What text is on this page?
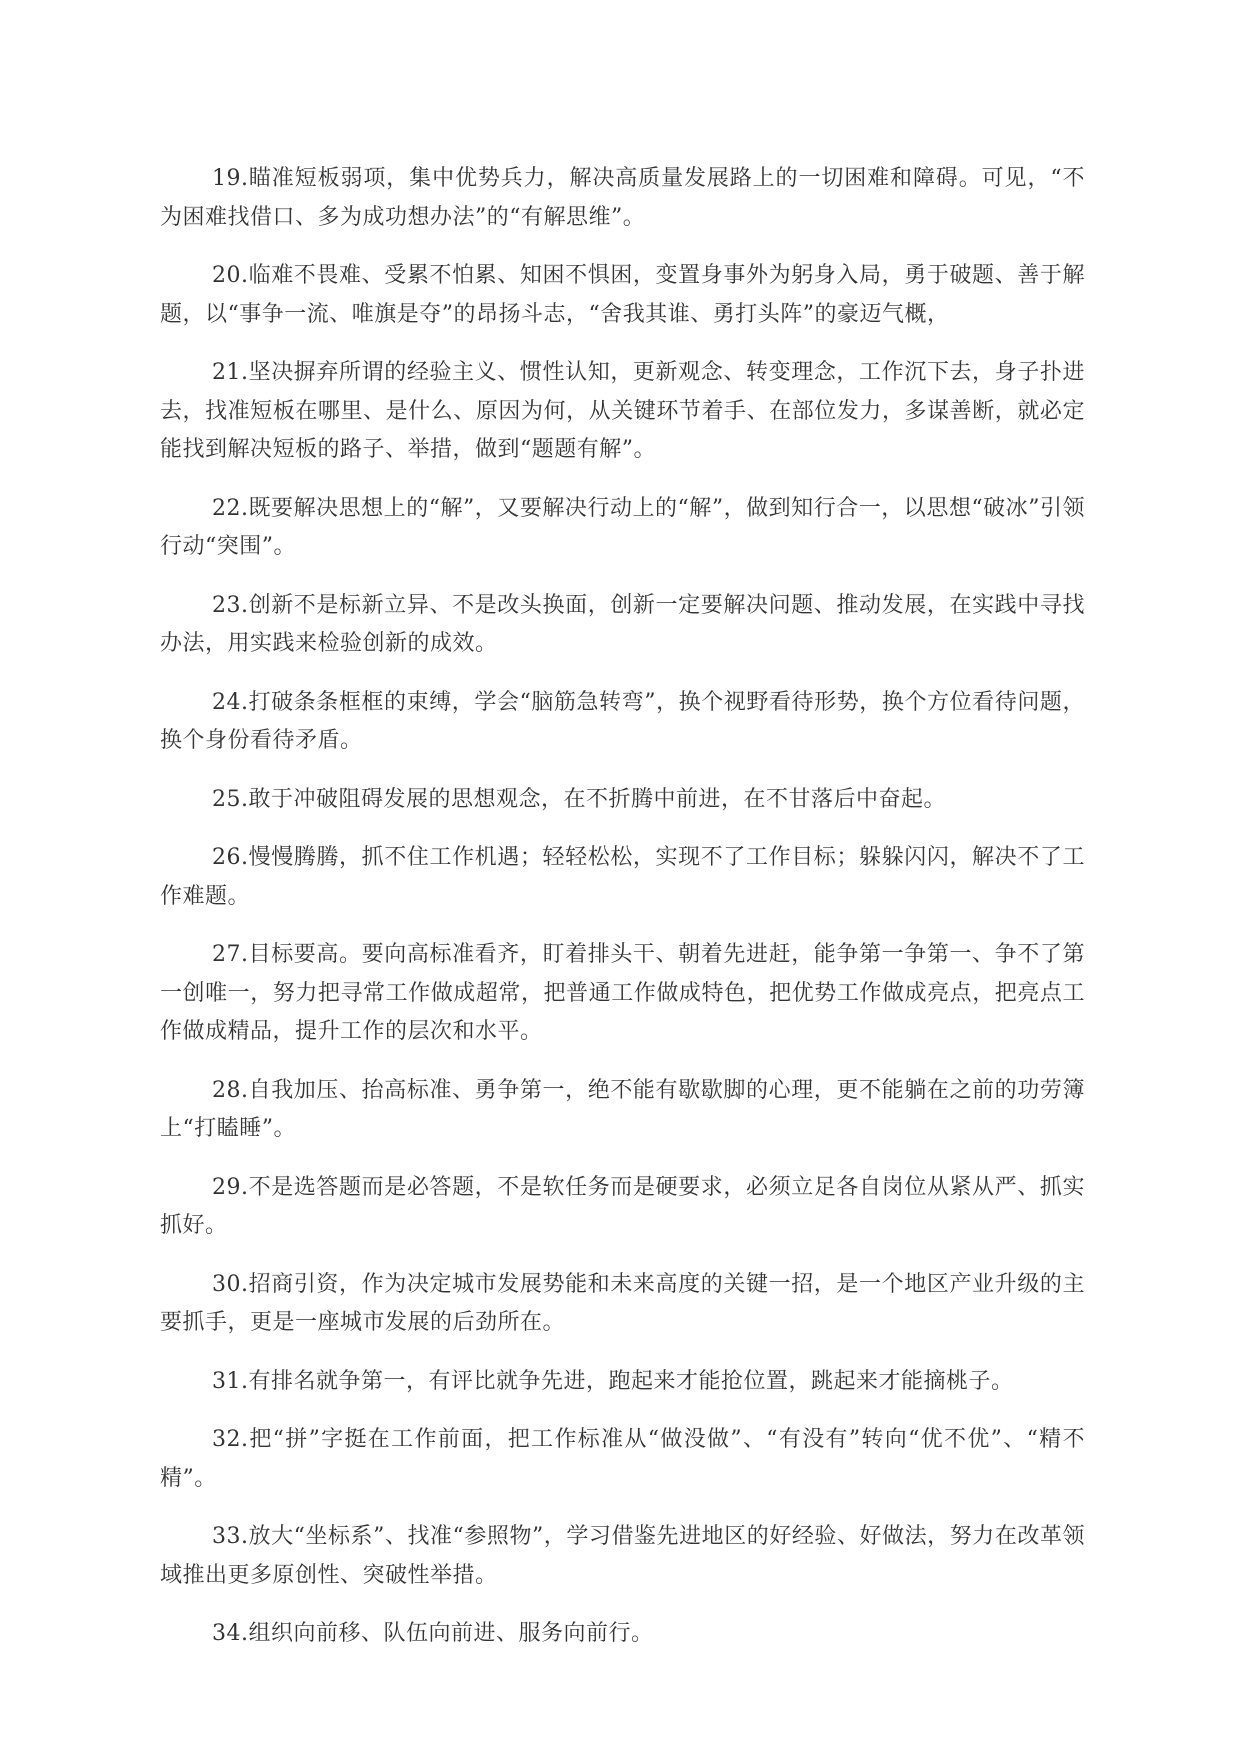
19.瞄准短板弱项，集中优势兵力，解决高质量发展路上的一切困难和障碍。可见，“不为困难找借口、多为成功想办法”的“有解思维”。

20.临难不畏难、受累不怕累、知困不惧困，变置身事外为躬身入局，勇于破题、善于解题，以“事争一流、唯旗是夺”的昂扬斗志，“舍我其谁、勇打头阵”的豪迈气概，

21.坚决摒弃所谓的经验主义、惯性认知，更新观念、转变理念，工作沉下去，身子扑进去，找准短板在哪里、是什么、原因为何，从关键环节着手、在部位发力，多谋善断，就必定能找到解决短板的路子、举措，做到“题题有解”。

22.既要解决思想上的“解”，又要解决行动上的“解”，做到知行合一，以思想“破冰”引领行动“突围”。

23.创新不是标新立异、不是改头换面，创新一定要解决问题、推动发展，在实践中寻找办法，用实践来检验创新的成效。

24.打破条条框框的束缚，学会“脑筋急转弯”，换个视野看待形势，换个方位看待问题，换个身份看待矛盾。

25.敢于冲破阻碍发展的思想观念，在不折腾中前进，在不甘落后中奋起。

26.慢慢腾腾，抓不住工作机遇；轻轻松松，实现不了工作目标；躲躲闪闪，解决不了工作难题。

27.目标要高。要向高标准看齐，盯着排头干、朝着先进赶，能争第一争第一、争不了第一创唯一，努力把寻常工作做成超常，把普通工作做成特色，把优势工作做成亮点，把亮点工作做成精品，提升工作的层次和水平。

28.自我加压、抬高标准、勇争第一，绝不能有歇歇脚的心理，更不能躺在之前的功劳簿上“打瞌睡”。

29.不是选答题而是必答题，不是软任务而是硬要求，必须立足各自岗位从紧从严、抓实抓好。

30.招商引资，作为决定城市发展势能和未来高度的关键一招，是一个地区产业升级的主要抓手，更是一座城市发展的后劲所在。

31.有排名就争第一，有评比就争先进，跑起来才能抢位置，跳起来才能摘桃子。

32.把“拼”字挺在工作前面，把工作标准从“做没做”、“有没有”转向“优不优”、“精不精”。

33.放大“坐标系”、找准“参照物”，学习借鉴先进地区的好经验、好做法，努力在改革领域推出更多原创性、突破性举措。

34.组织向前移、队伍向前进、服务向前行。
